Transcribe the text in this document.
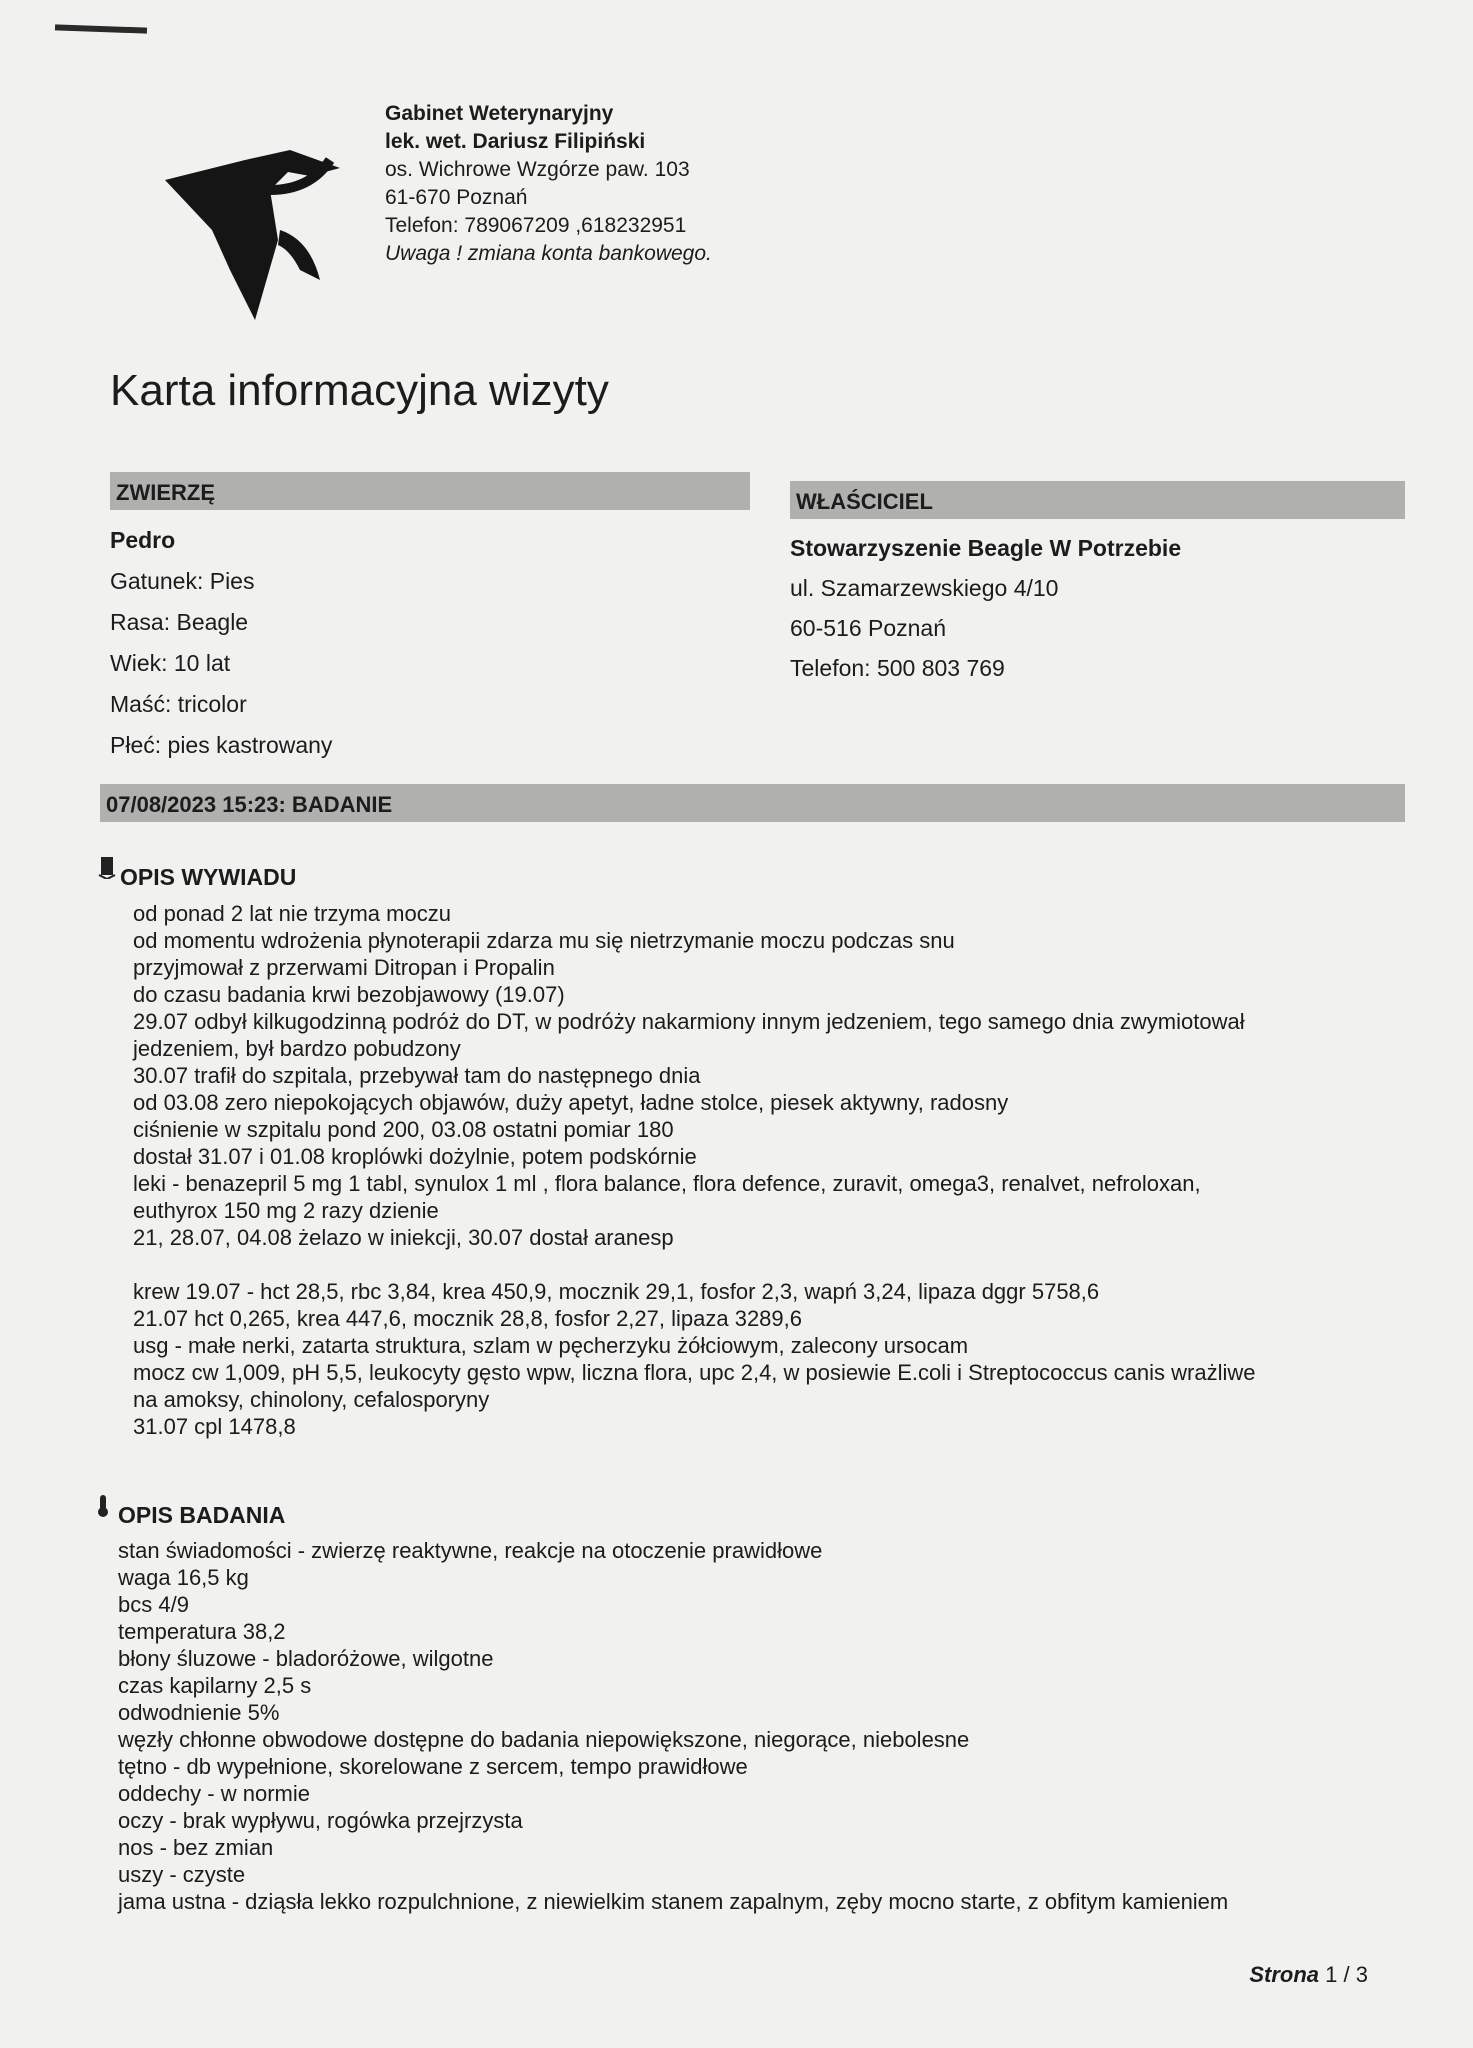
Gabinet Weterynaryjny
lek. wet. Dariusz Filipiński
os. Wichrowe Wzgórze paw. 103
61-670 Poznań
Telefon: 789067209 ,618232951
Uwaga ! zmiana konta bankowego.
Karta informacyjna wizyty
ZWIERZĘ
Pedro
Gatunek: Pies
Rasa: Beagle
Wiek: 10 lat
Maść: tricolor
Płeć: pies kastrowany
WŁAŚCICIEL
Stowarzyszenie Beagle W Potrzebie
ul. Szamarzewskiego 4/10
60-516 Poznań
Telefon: 500 803 769
07/08/2023 15:23: BADANIE
OPIS WYWIADU
od ponad 2 lat nie trzyma moczu
od momentu wdrożenia płynoterapii zdarza mu się nietrzymanie moczu podczas snu
przyjmował z przerwami Ditropan i Propalin
do czasu badania krwi bezobjawowy (19.07)
29.07 odbył kilkugodzinną podróż do DT, w podróży nakarmiony innym jedzeniem, tego samego dnia zwymiotował
jedzeniem, był bardzo pobudzony
30.07 trafił do szpitala, przebywał tam do następnego dnia
od 03.08 zero niepokojących objawów, duży apetyt, ładne stolce, piesek aktywny, radosny
ciśnienie w szpitalu pond 200, 03.08 ostatni pomiar 180
dostał 31.07 i 01.08 kroplówki dożylnie, potem podskórnie
leki - benazepril 5 mg 1 tabl, synulox 1 ml , flora balance, flora defence, zuravit, omega3, renalvet, nefroloxan,
euthyrox 150 mg 2 razy dzienie
21, 28.07, 04.08 żelazo w iniekcji, 30.07 dostał aranesp
krew 19.07 - hct 28,5, rbc 3,84, krea 450,9, mocznik 29,1, fosfor 2,3, wapń 3,24, lipaza dggr 5758,6
21.07 hct 0,265, krea 447,6, mocznik 28,8, fosfor 2,27, lipaza 3289,6
usg - małe nerki, zatarta struktura, szlam w pęcherzyku żółciowym, zalecony ursocam
mocz cw 1,009, pH 5,5, leukocyty gęsto wpw, liczna flora, upc 2,4, w posiewie E.coli i Streptococcus canis wrażliwe
na amoksy, chinolony, cefalosporyny
31.07 cpl 1478,8
OPIS BADANIA
stan świadomości - zwierzę reaktywne, reakcje na otoczenie prawidłowe
waga 16,5 kg
bcs 4/9
temperatura 38,2
błony śluzowe - bladoróżowe, wilgotne
czas kapilarny 2,5 s
odwodnienie 5%
węzły chłonne obwodowe dostępne do badania niepowiększone, niegorące, niebolesne
tętno - db wypełnione, skorelowane z sercem, tempo prawidłowe
oddechy - w normie
oczy - brak wypływu, rogówka przejrzysta
nos - bez zmian
uszy - czyste
jama ustna - dziąsła lekko rozpulchnione, z niewielkim stanem zapalnym, zęby mocno starte, z obfitym kamieniem
Strona 1 / 3
